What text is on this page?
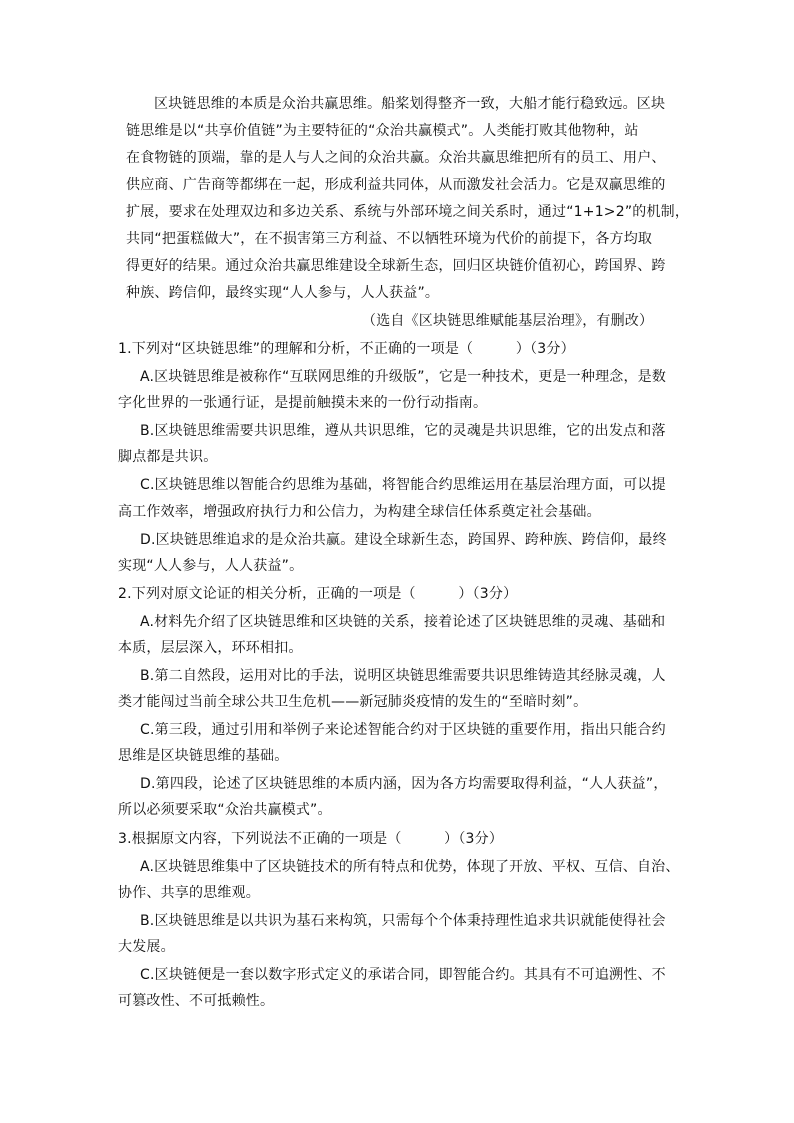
区块链思维的本质是众治共赢思维。船桨划得整齐一致，大船才能行稳致远。区块
链思维是以“共享价值链”为主要特征的“众治共赢模式”。人类能打败其他物种，站
在食物链的顶端，靠的是人与人之间的众治共赢。众治共赢思维把所有的员工、用户、
供应商、广告商等都绑在一起，形成利益共同体，从而激发社会活力。它是双赢思维的
扩展，要求在处理双边和多边关系、系统与外部环境之间关系时，通过“1+1>2”的机制，
共同“把蛋糕做大”，在不损害第三方利益、不以牺牲环境为代价的前提下，各方均取
得更好的结果。通过众治共赢思维建设全球新生态，回归区块链价值初心，跨国界、跨
种族、跨信仰，最终实现“人人参与，人人获益”。
（选自《区块链思维赋能基层治理》，有删改）
1.下列对“区块链思维”的理解和分析，不正确的一项是（　　　）（3分）
A.区块链思维是被称作“互联网思维的升级版”，它是一种技术，更是一种理念，是数
字化世界的一张通行证，是提前触摸未来的一份行动指南。
B.区块链思维需要共识思维，遵从共识思维，它的灵魂是共识思维，它的出发点和落
脚点都是共识。
C.区块链思维以智能合约思维为基础，将智能合约思维运用在基层治理方面，可以提
高工作效率，增强政府执行力和公信力，为构建全球信任体系奠定社会基础。
D.区块链思维追求的是众治共赢。建设全球新生态，跨国界、跨种族、跨信仰，最终
实现“人人参与，人人获益”。
2.下列对原文论证的相关分析，正确的一项是（　　　）（3分）
A.材料先介绍了区块链思维和区块链的关系，接着论述了区块链思维的灵魂、基础和
本质，层层深入，环环相扣。
B.第二自然段，运用对比的手法，说明区块链思维需要共识思维铸造其经脉灵魂，人
类才能闯过当前全球公共卫生危机——新冠肺炎疫情的发生的“至暗时刻”。
C.第三段，通过引用和举例子来论述智能合约对于区块链的重要作用，指出只能合约
思维是区块链思维的基础。
D.第四段，论述了区块链思维的本质内涵，因为各方均需要取得利益，“人人获益”，
所以必须要采取“众治共赢模式”。
3.根据原文内容，下列说法不正确的一项是（　　　）（3分）
A.区块链思维集中了区块链技术的所有特点和优势，体现了开放、平权、互信、自治、
协作、共享的思维观。
B.区块链思维是以共识为基石来构筑，只需每个个体秉持理性追求共识就能使得社会
大发展。
C.区块链便是一套以数字形式定义的承诺合同，即智能合约。其具有不可追溯性、不
可篡改性、不可抵赖性。
